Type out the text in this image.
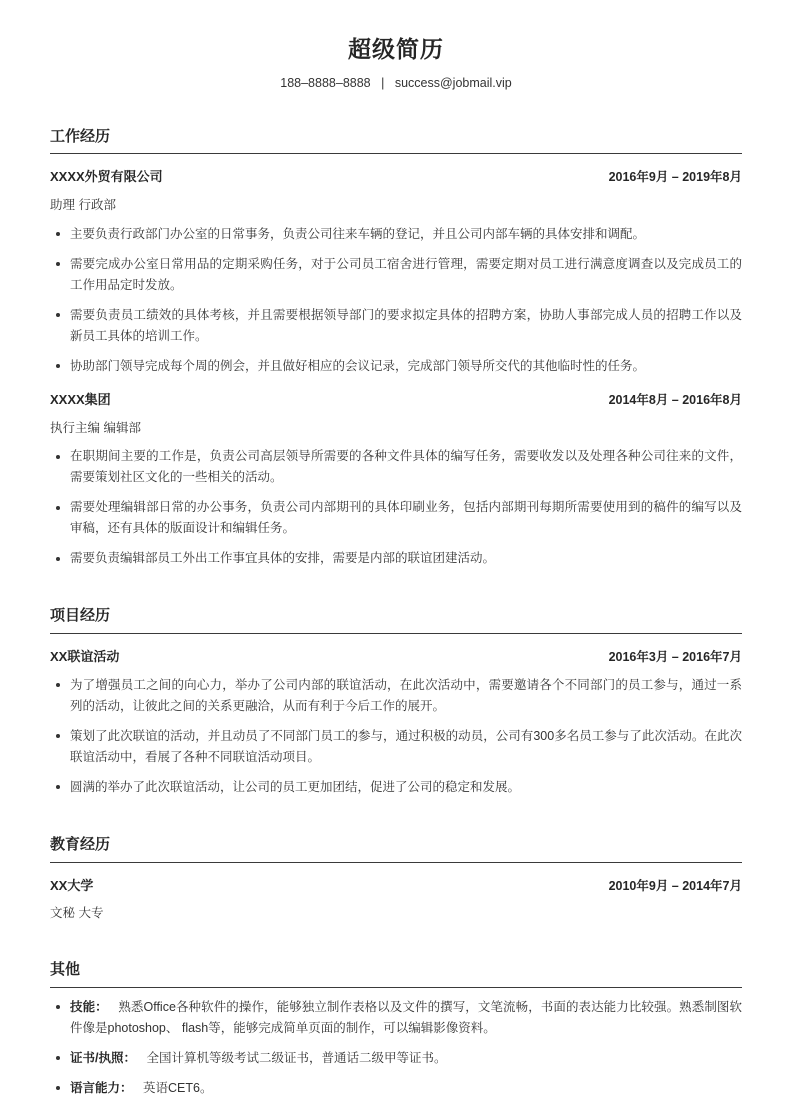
超级简历
188–8888–8888 | success@jobmail.vip
工作经历
XXXX外贸有限公司	2016年9月 – 2019年8月
助理 行政部
主要负责行政部门办公室的日常事务，负责公司往来车辆的登记，并且公司内部车辆的具体安排和调配。
需要完成办公室日常用品的定期采购任务，对于公司员工宿舍进行管理，需要定期对员工进行满意度调查以及完成员工的工作用品定时发放。
需要负责员工绩效的具体考核，并且需要根据领导部门的要求拟定具体的招聘方案，协助人事部完成人员的招聘工作以及新员工具体的培训工作。
协助部门领导完成每个周的例会，并且做好相应的会议记录，完成部门领导所交代的其他临时性的任务。
XXXX集团	2014年8月 – 2016年8月
执行主编 编辑部
在职期间主要的工作是，负责公司高层领导所需要的各种文件具体的编写任务，需要收发以及处理各种公司往来的文件，需要策划社区文化的一些相关的活动。
需要处理编辑部日常的办公事务，负责公司内部期刊的具体印刷业务，包括内部期刊每期所需要使用到的稿件的编写以及审稿，还有具体的版面设计和编辑任务。
需要负责编辑部员工外出工作事宜具体的安排，需要是内部的联谊团建活动。
项目经历
XX联谊活动	2016年3月 – 2016年7月
为了增强员工之间的向心力，举办了公司内部的联谊活动，在此次活动中，需要邀请各个不同部门的员工参与，通过一系列的活动，让彼此之间的关系更融洽，从而有利于今后工作的展开。
策划了此次联谊的活动，并且动员了不同部门员工的参与，通过积极的动员，公司有300多名员工参与了此次活动。在此次联谊活动中，看展了各种不同联谊活动项目。
圆满的举办了此次联谊活动，让公司的员工更加团结，促进了公司的稳定和发展。
教育经历
XX大学	2010年9月 – 2014年7月
文秘 大专
其他
技能： 熟悉Office各种软件的操作，能够独立制作表格以及文件的撰写，文笔流畅，书面的表达能力比较强。熟悉制图软件像是photoshop、 flash等，能够完成简单页面的制作，可以编辑影像资料。
证书/执照： 全国计算机等级考试二级证书，普通话二级甲等证书。
语言能力： 英语CET6。
